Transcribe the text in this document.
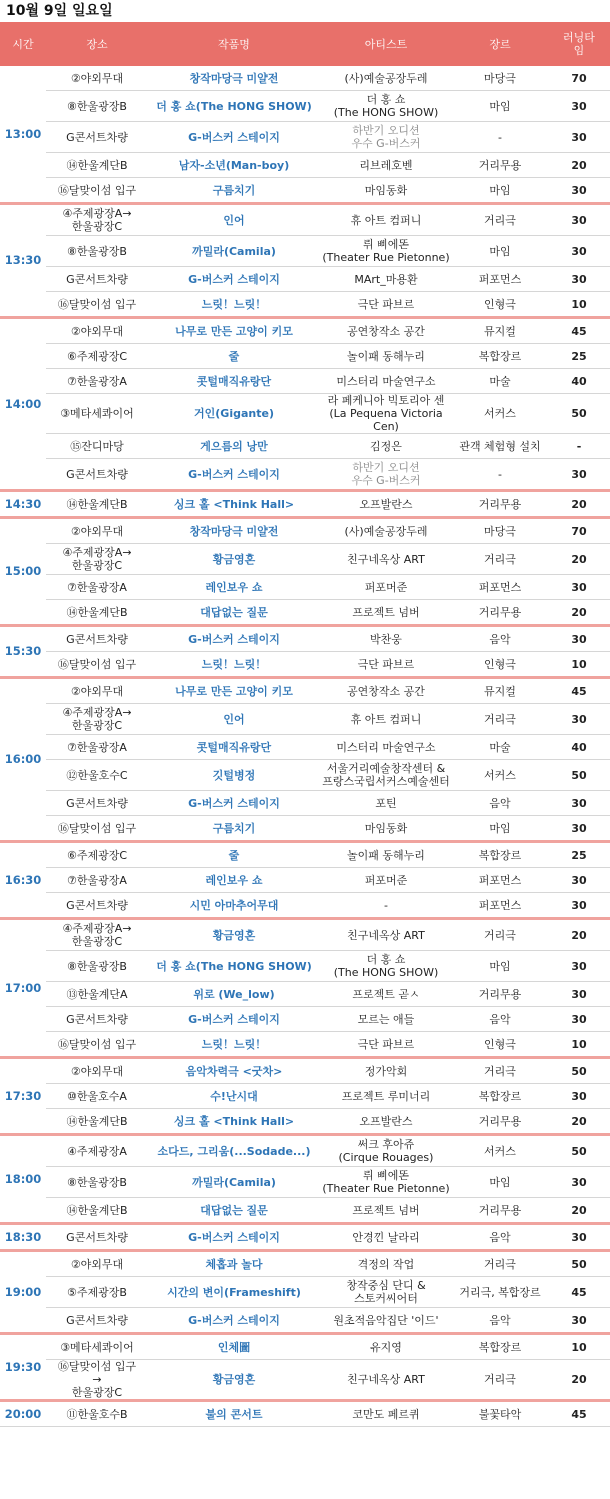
10월 9일 일요일
시간	장소	작품명	아티스트	장르	러닝타
임
13:00	②야외무대	창작마당극 미얄전	(사)예술공장두레	마당극	70
	⑧한울광장B	더 홍 쇼(The HONG SHOW)	더 홍 쇼
(The HONG SHOW)	마임	30
	G콘서트차량	G-버스커 스테이지	하반기 오디션
우수 G-버스커	-	30
	⑭한울계단B	남자-소년(Man-boy)	리브레호벤	거리무용	20
	⑯달맞이섬 입구	구름치기	마임동화	마임	30
13:30	④주제광장A→
한울광장C	인어	휴 아트 컴퍼니	거리극	30
	⑧한울광장B	까밀라(Camila)	뤼 삐에똔
(Theater Rue Pietonne)	마임	30
	G콘서트차량	G-버스커 스테이지	MArt_마용환	퍼포먼스	30
	⑯달맞이섬 입구	느릿！느릿！	극단 파브르	인형극	10
14:00	②야외무대	나무로 만든 고양이 키모	공연창작소 공간	뮤지컬	45
	⑥주제광장C	줄	놀이패 동해누리	복합장르	25
	⑦한울광장A	콧털매직유랑단	미스터리 마술연구소	마술	40
	③메타세콰이어	거인(Gigante)	라 페케니아 빅토리아 센
(La Pequena Victoria Cen)	서커스	50
	⑮잔디마당	게으름의 낭만	김정은	관객 체험형 설치	-
	G콘서트차량	G-버스커 스테이지	하반기 오디션
우수 G-버스커	-	30
14:30	⑭한울계단B	싱크 홀 <Think Hall>	오프발란스	거리무용	20
15:00	②야외무대	창작마당극 미얄전	(사)예술공장두레	마당극	70
	④주제광장A→
한울광장C	황금영혼	친구네옥상 ART	거리극	20
	⑦한울광장A	레인보우 쇼	퍼포머준	퍼포먼스	30
	⑭한울계단B	대답없는 질문	프로젝트 넘버	거리무용	20
15:30	G콘서트차량	G-버스커 스테이지	박찬웅	음악	30
	⑯달맞이섬 입구	느릿！느릿！	극단 파브르	인형극	10
16:00	②야외무대	나무로 만든 고양이 키모	공연창작소 공간	뮤지컬	45
	④주제광장A→
한울광장C	인어	휴 아트 컴퍼니	거리극	30
	⑦한울광장A	콧털매직유랑단	미스터리 마술연구소	마술	40
	⑫한울호수C	깃털병정	서울거리예술창작센터 &
프랑스국립서커스예술센터	서커스	50
	G콘서트차량	G-버스커 스테이지	포틴	음악	30
	⑯달맞이섬 입구	구름치기	마임동화	마임	30
16:30	⑥주제광장C	줄	놀이패 동해누리	복합장르	25
	⑦한울광장A	레인보우 쇼	퍼포머준	퍼포먼스	30
	G콘서트차량	시민 아마추어무대	-	퍼포먼스	30
17:00	④주제광장A→
한울광장C	황금영혼	친구네옥상 ART	거리극	20
	⑧한울광장B	더 홍 쇼(The HONG SHOW)	더 홍 쇼
(The HONG SHOW)	마임	30
	⑬한울계단A	위로 (We_low)	프로젝트 곧ㅅ	거리무용	30
	G콘서트차량	G-버스커 스테이지	모르는 애들	음악	30
	⑯달맞이섬 입구	느릿！느릿！	극단 파브르	인형극	10
17:30	②야외무대	음악차력극 <굿차>	정가악회	거리극	50
	⑩한울호수A	수!난시대	프로젝트 루미너리	복합장르	30
	⑭한울계단B	싱크 홀 <Think Hall>	오프발란스	거리무용	20
18:00	④주제광장A	소다드, 그리움(...Sodade...)	써크 후아쥬
(Cirque Rouages)	서커스	50
	⑧한울광장B	까밀라(Camila)	뤼 삐에똔
(Theater Rue Pietonne)	마임	30
	⑭한울계단B	대답없는 질문	프로젝트 넘버	거리무용	20
18:30	G콘서트차량	G-버스커 스테이지	안경낀 날라리	음악	30
19:00	②야외무대	체홉과 놀다	격정의 작업	거리극	50
	⑤주제광장B	시간의 변이(Frameshift)	창작중심 단디 &
스토커씨어터	거리극, 복합장르	45
	G콘서트차량	G-버스커 스테이지	원초적음악집단 '이드'	음악	30
19:30	③메타세콰이어	인체圖	유지영	복합장르	10
	⑯달맞이섬 입구
→
한울광장C	황금영혼	친구네옥상 ART	거리극	20
20:00	⑪한울호수B	불의 콘서트	코만도 페르퀴	불꽃타악	45
